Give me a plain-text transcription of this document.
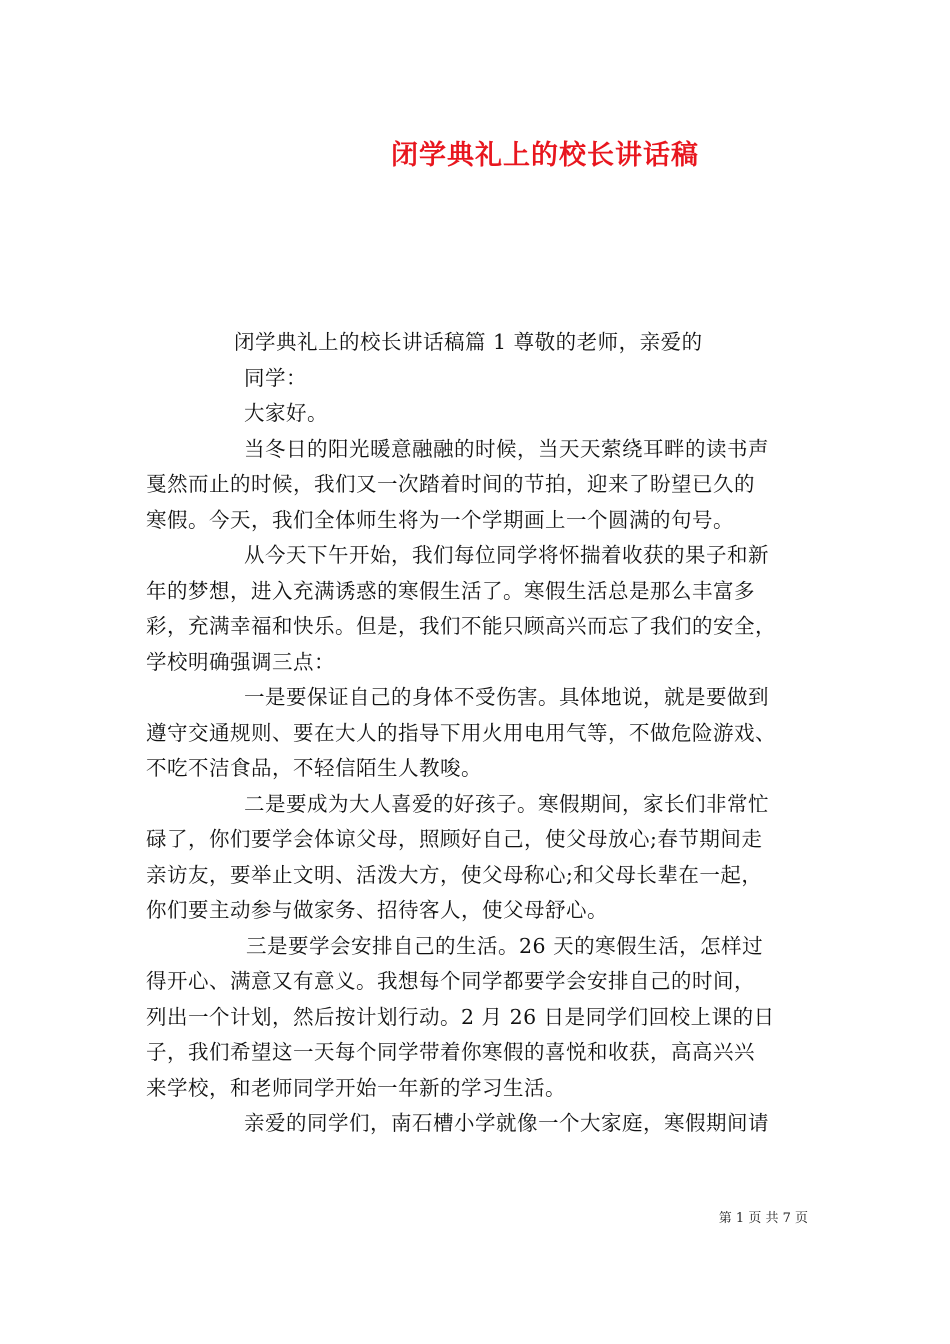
闭学典礼上的校长讲话稿
闭学典礼上的校长讲话稿篇 1 尊敬的老师，亲爱的
同学：
大家好。
当冬日的阳光暖意融融的时候，当天天萦绕耳畔的读书声
戛然而止的时候，我们又一次踏着时间的节拍，迎来了盼望已久的
寒假。今天，我们全体师生将为一个学期画上一个圆满的句号。
从今天下午开始，我们每位同学将怀揣着收获的果子和新
年的梦想，进入充满诱惑的寒假生活了。寒假生活总是那么丰富多
彩，充满幸福和快乐。但是，我们不能只顾高兴而忘了我们的安全，
学校明确强调三点：
一是要保证自己的身体不受伤害。具体地说，就是要做到
遵守交通规则、要在大人的指导下用火用电用气等，不做危险游戏、
不吃不洁食品，不轻信陌生人教唆。
二是要成为大人喜爱的好孩子。寒假期间，家长们非常忙
碌了，你们要学会体谅父母，照顾好自己，使父母放心;春节期间走
亲访友，要举止文明、活泼大方，使父母称心;和父母长辈在一起，
你们要主动参与做家务、招待客人，使父母舒心。
三是要学会安排自己的生活。26 天的寒假生活，怎样过
得开心、满意又有意义。我想每个同学都要学会安排自己的时间，
列出一个计划，然后按计划行动。2 月 26 日是同学们回校上课的日
子，我们希望这一天每个同学带着你寒假的喜悦和收获，高高兴兴
来学校，和老师同学开始一年新的学习生活。
亲爱的同学们，南石槽小学就像一个大家庭，寒假期间请
第 1 页 共 7 页
